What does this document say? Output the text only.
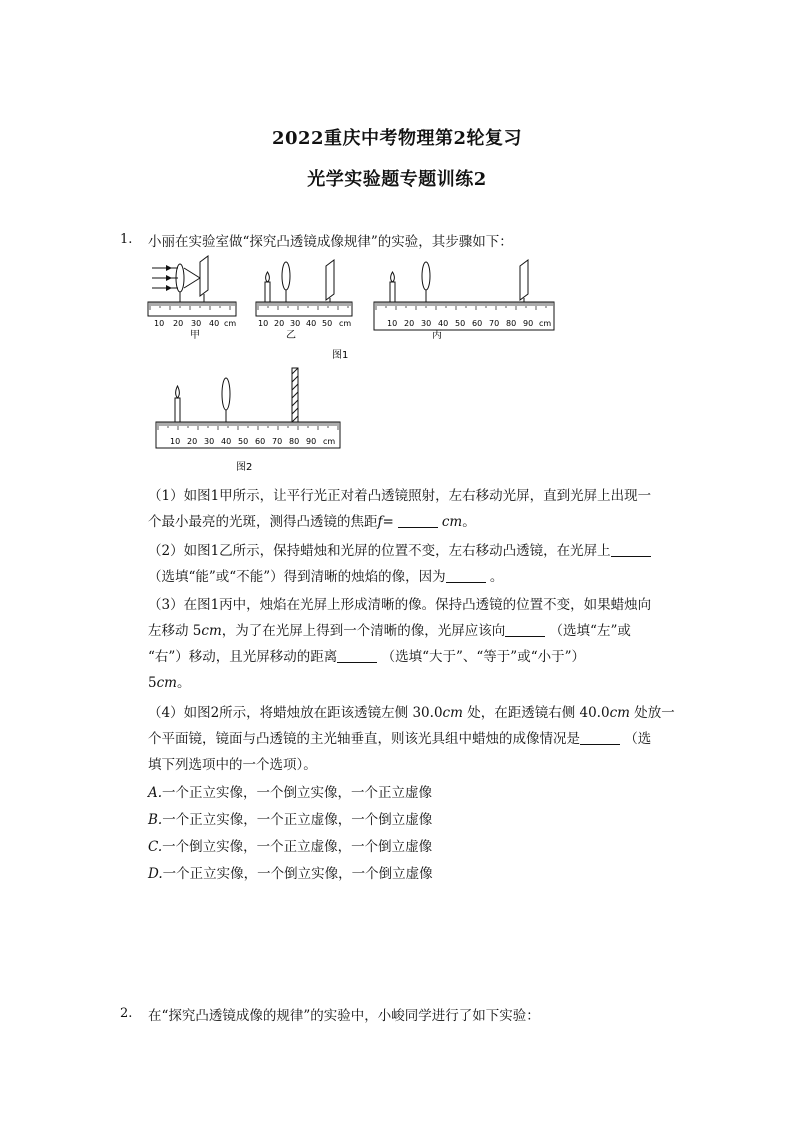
2022重庆中考物理第2轮复习
光学实验题专题训练2
1. 小丽在实验室做“探究凸透镜成像规律”的实验，其步骤如下：
10 20 30 40 cm
甲
10 20 30 40 50 cm
乙
10 20 30 40 50 60 70 80 90 cm
丙
图1
10 20 30 40 50 60 70 80 90 cm
图2
（1）如图1甲所示，让平行光正对着凸透镜照射，左右移动光屏，直到光屏上出现一
个最小最亮的光斑，测得凸透镜的焦距f=	cm。
（2）如图1乙所示，保持蜡烛和光屏的位置不变，左右移动凸透镜，在光屏上
（选填“能”或“不能”）得到清晰的烛焰的像，因为	。
（3）在图1丙中，烛焰在光屏上形成清晰的像。保持凸透镜的位置不变，如果蜡烛向
左移动 5cm，为了在光屏上得到一个清晰的像，光屏应该向	（选填“左”或
“右”）移动，且光屏移动的距离	（选填“大于”、“等于”或“小于”）
5cm。
（4）如图2所示，将蜡烛放在距该透镜左侧 30.0cm 处，在距透镜右侧 40.0cm 处放一
个平面镜，镜面与凸透镜的主光轴垂直，则该光具组中蜡烛的成像情况是	（选
填下列选项中的一个选项）。
A.一个正立实像，一个倒立实像，一个正立虚像
B.一个正立实像，一个正立虚像，一个倒立虚像
C.一个倒立实像，一个正立虚像，一个倒立虚像
D.一个正立实像，一个倒立实像，一个倒立虚像
2. 在“探究凸透镜成像的规律”的实验中，小峻同学进行了如下实验：
